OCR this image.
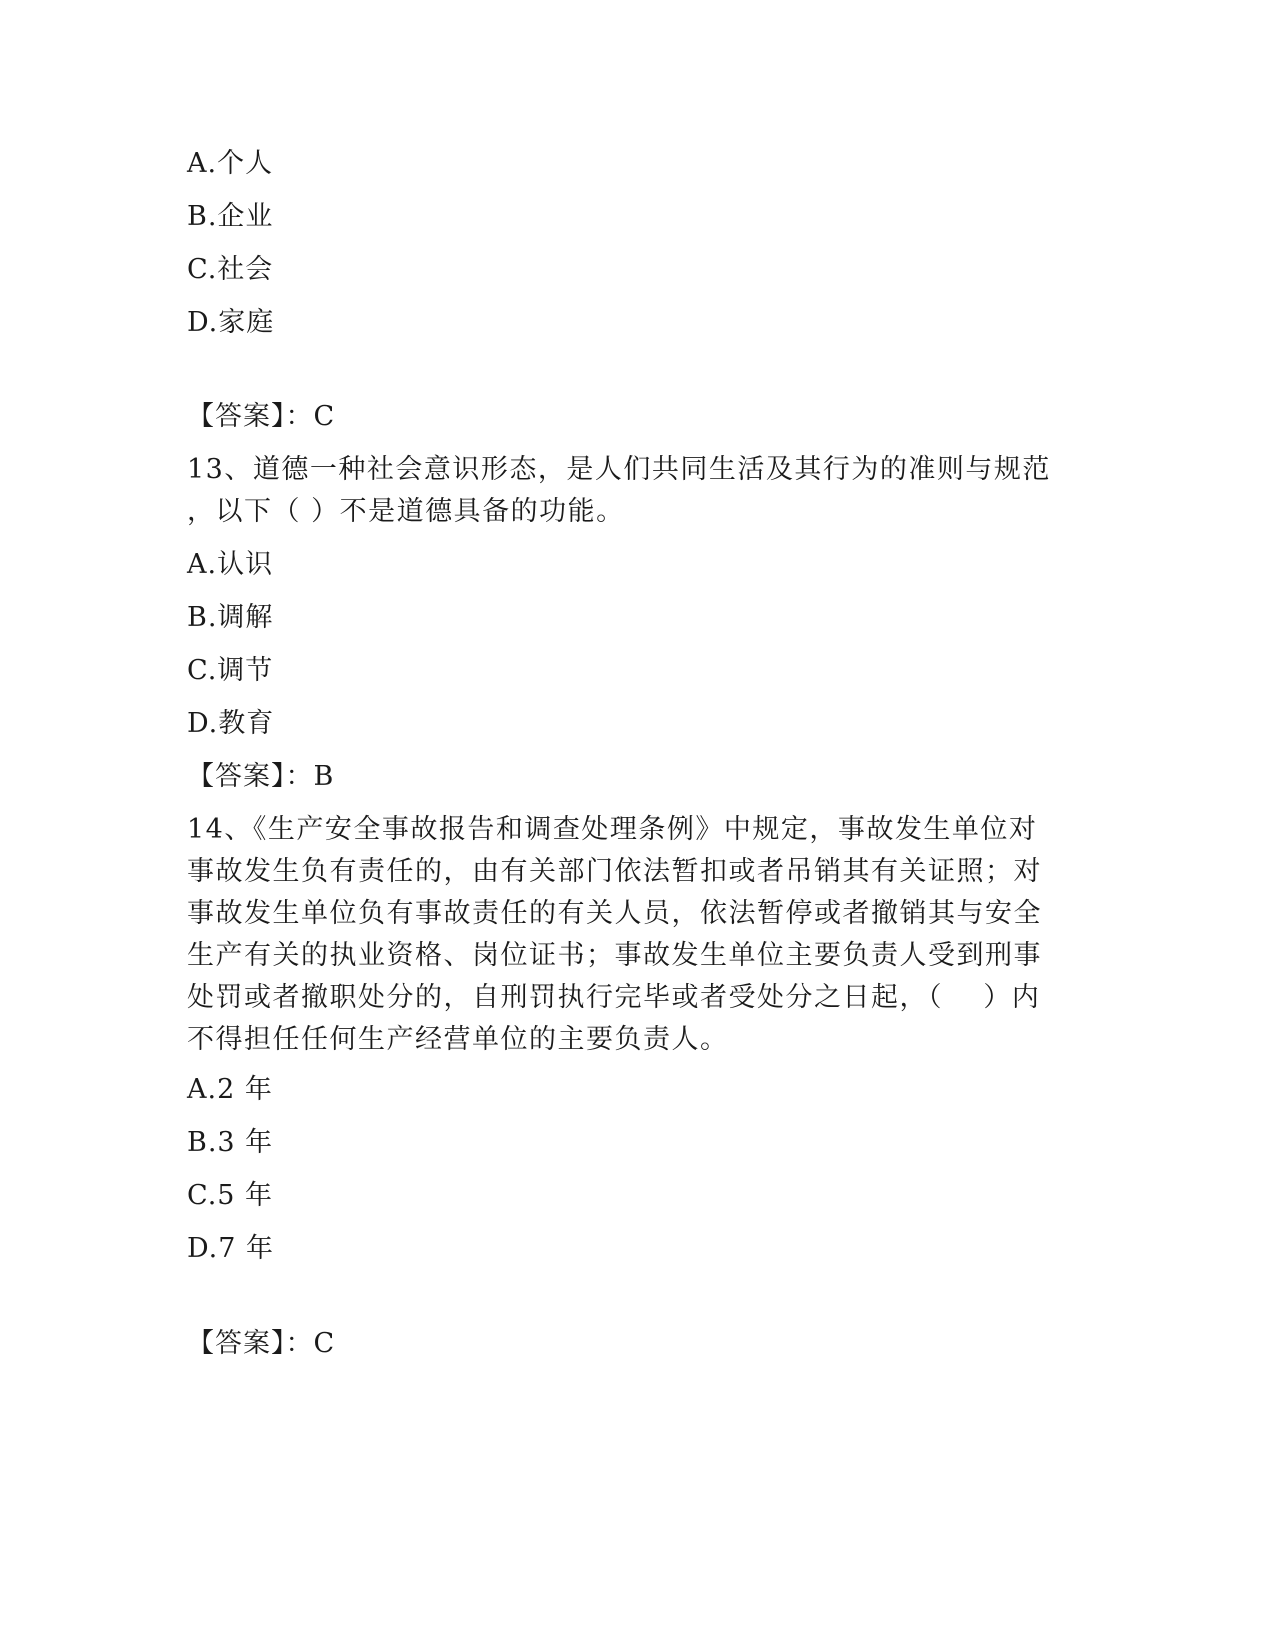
A.个人
B.企业
C.社会
D.家庭
【答案】：C
13、道德一种社会意识形态，是人们共同生活及其行为的准则与规范
，以下（ ）不是道德具备的功能。
A.认识
B.调解
C.调节
D.教育
【答案】：B
14、《生产安全事故报告和调查处理条例》中规定，事故发生单位对
事故发生负有责任的，由有关部门依法暂扣或者吊销其有关证照；对
事故发生单位负有事故责任的有关人员，依法暂停或者撤销其与安全
生产有关的执业资格、岗位证书；事故发生单位主要负责人受到刑事
处罚或者撤职处分的，自刑罚执行完毕或者受处分之日起，（    ）内
不得担任任何生产经营单位的主要负责人。
A.2 年
B.3 年
C.5 年
D.7 年
【答案】：C
